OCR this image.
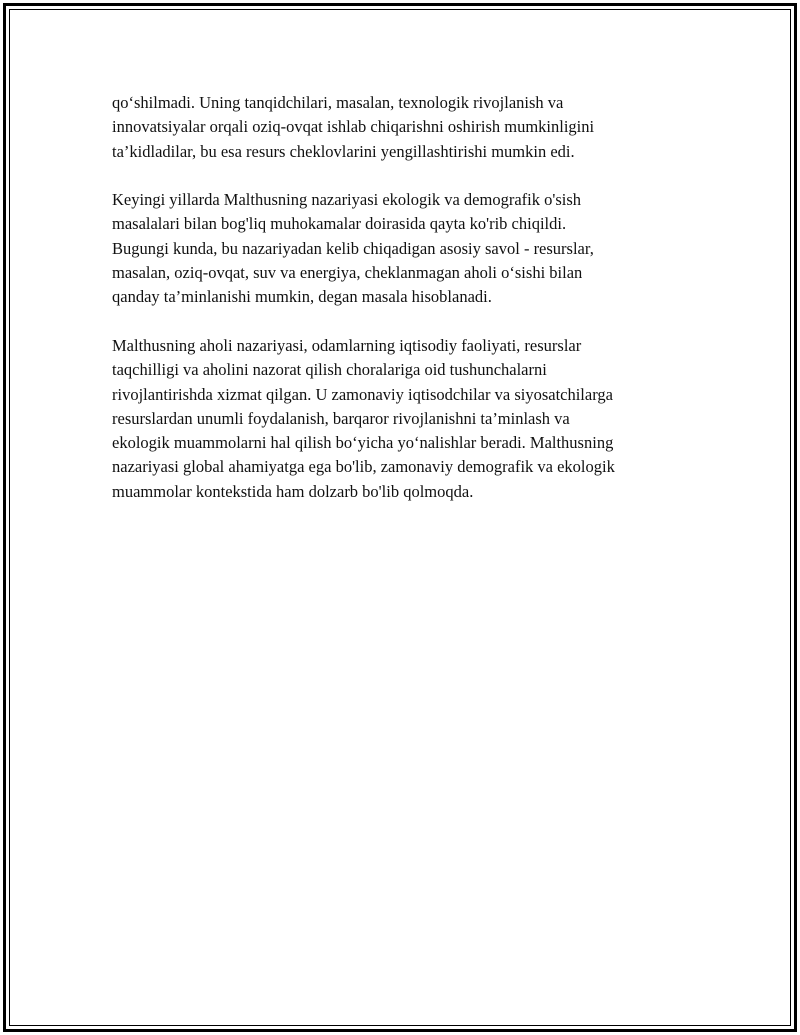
qo‘shilmadi. Uning tanqidchilari, masalan, texnologik rivojlanish va
innovatsiyalar orqali oziq-ovqat ishlab chiqarishni oshirish mumkinligini
ta’kidladilar, bu esa resurs cheklovlarini yengillashtirishi mumkin edi.

Keyingi yillarda Malthusning nazariyasi ekologik va demografik o'sish
masalalari bilan bog'liq muhokamalar doirasida qayta ko'rib chiqildi.
Bugungi kunda, bu nazariyadan kelib chiqadigan asosiy savol - resurslar,
masalan, oziq-ovqat, suv va energiya, cheklanmagan aholi o‘sishi bilan
qanday ta’minlanishi mumkin, degan masala hisoblanadi.

Malthusning aholi nazariyasi, odamlarning iqtisodiy faoliyati, resurslar
taqchilligi va aholini nazorat qilish choralariga oid tushunchalarni
rivojlantirishda xizmat qilgan. U zamonaviy iqtisodchilar va siyosatchilarga
resurslardan unumli foydalanish, barqaror rivojlanishni ta’minlash va
ekologik muammolarni hal qilish bo‘yicha yo‘nalishlar beradi. Malthusning
nazariyasi global ahamiyatga ega bo'lib, zamonaviy demografik va ekologik
muammolar kontekstida ham dolzarb bo'lib qolmoqda.
